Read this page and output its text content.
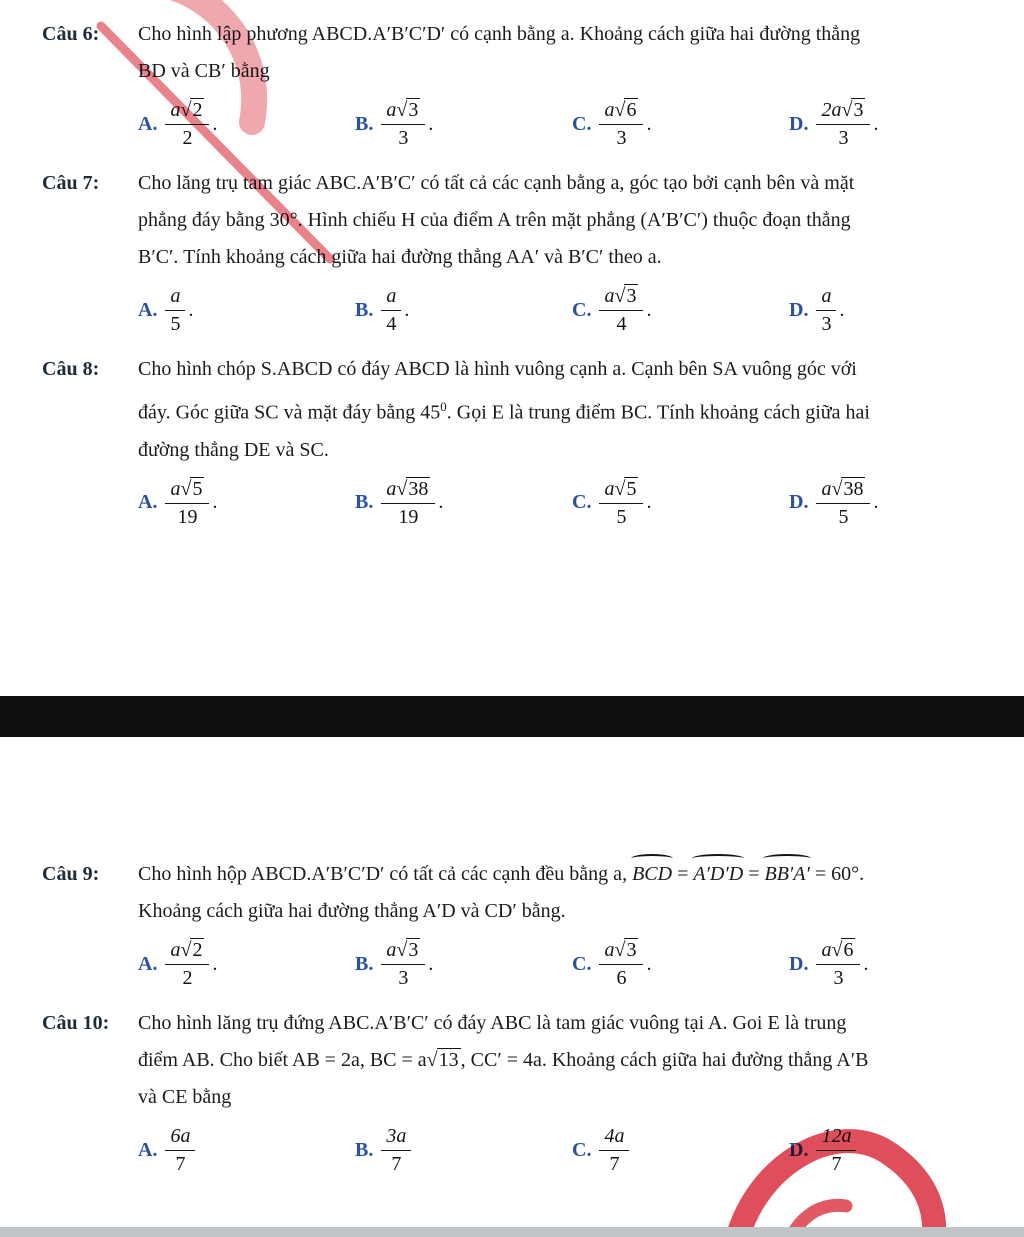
Câu 6:	Cho hình lập phương ABCD.A′B′C′D′ có cạnh bằng a. Khoảng cách giữa hai đường thẳng
BD và CB′ bằng
A. $\frac{a√2}{2}$ .	B. $\frac{a√3}{3}$ .	C. $\frac{a√6}{3}$ .	D. $\frac{2a√3}{3}$ .
Câu 7:	Cho lăng trụ tam giác ABC.A′B′C′ có tất cả các cạnh bằng a, góc tạo bởi cạnh bên và mặt
phẳng đáy bằng 30°. Hình chiếu H của điểm A trên mặt phẳng (A′B′C′) thuộc đoạn thẳng
B′C′. Tính khoảng cách giữa hai đường thẳng AA′ và B′C′ theo a.
A. $\frac{a}{5}$ .	B. $\frac{a}{4}$ .	C. $\frac{a√3}{4}$ .	D. $\frac{a}{3}$ .
Câu 8:	Cho hình chóp S.ABCD có đáy ABCD là hình vuông cạnh a. Cạnh bên SA vuông góc với
đáy. Góc giữa SC và mặt đáy bằng $45^0$. Gọi E là trung điểm BC. Tính khoảng cách giữa hai
đường thẳng DE và SC.
A. $\frac{a√5}{19}$ .	B. $\frac{a√38}{19}$ .	C. $\frac{a√5}{5}$ .	D. $\frac{a√38}{5}$ .
Câu 9:	Cho hình hộp ABCD.A′B′C′D′ có tất cả các cạnh đều bằng a, BCD = A′D′D = BB′A′ = 60°.
Khoảng cách giữa hai đường thẳng A′D và CD′ bằng.
A. $\frac{a√2}{2}$ .	B. $\frac{a√3}{3}$ .	C. $\frac{a√3}{6}$ .	D. $\frac{a√6}{3}$ .
Câu 10:	Cho hình lăng trụ đứng ABC.A′B′C′ có đáy ABC là tam giác vuông tại A. Goi E là trung
điểm AB. Cho biết AB = 2a, BC = a√13 , CC′ = 4a. Khoảng cách giữa hai đường thẳng A′B
và CE bằng
A. $\frac{6a}{7}$	B. $\frac{3a}{7}$	C. $\frac{4a}{7}$	D. $\frac{12a}{7}$
